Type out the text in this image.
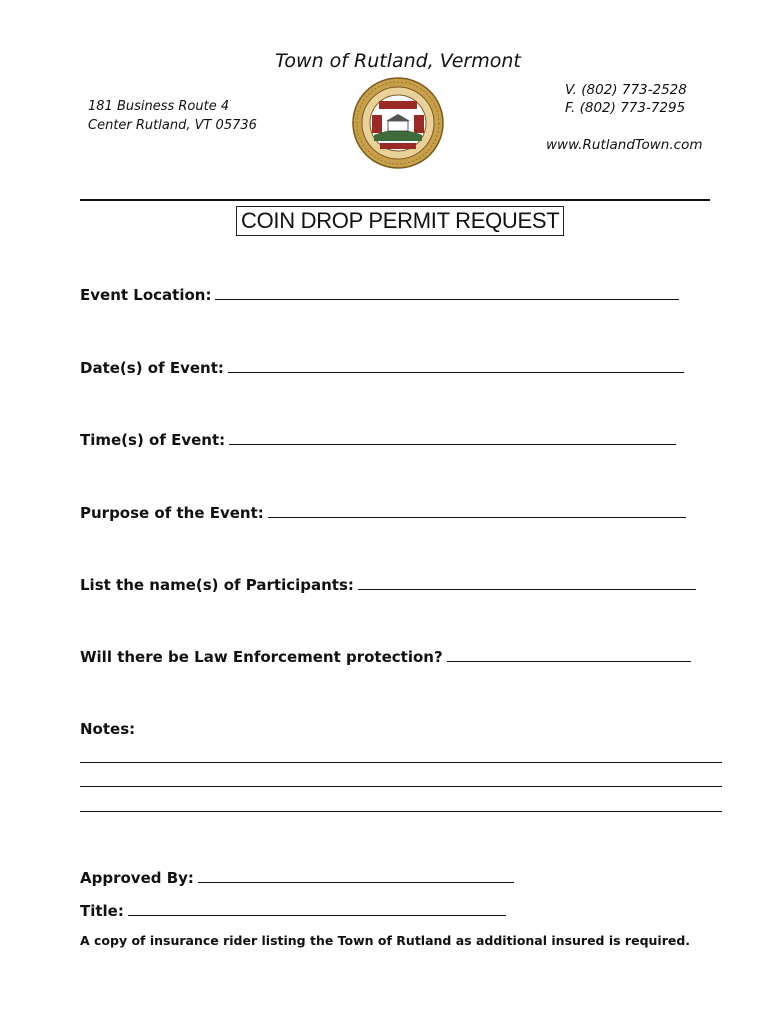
Town of Rutland, Vermont
181 Business Route 4
Center Rutland, VT 05736
V. (802) 773-2528
F. (802) 773-7295
www.RutlandTown.com
COIN DROP PERMIT REQUEST
Event Location:
Date(s) of Event:
Time(s) of Event:
Purpose of the Event:
List the name(s) of Participants:
Will there be Law Enforcement protection?
Notes:
Approved By:
Title:
A copy of insurance rider listing the Town of Rutland as additional insured is required.
